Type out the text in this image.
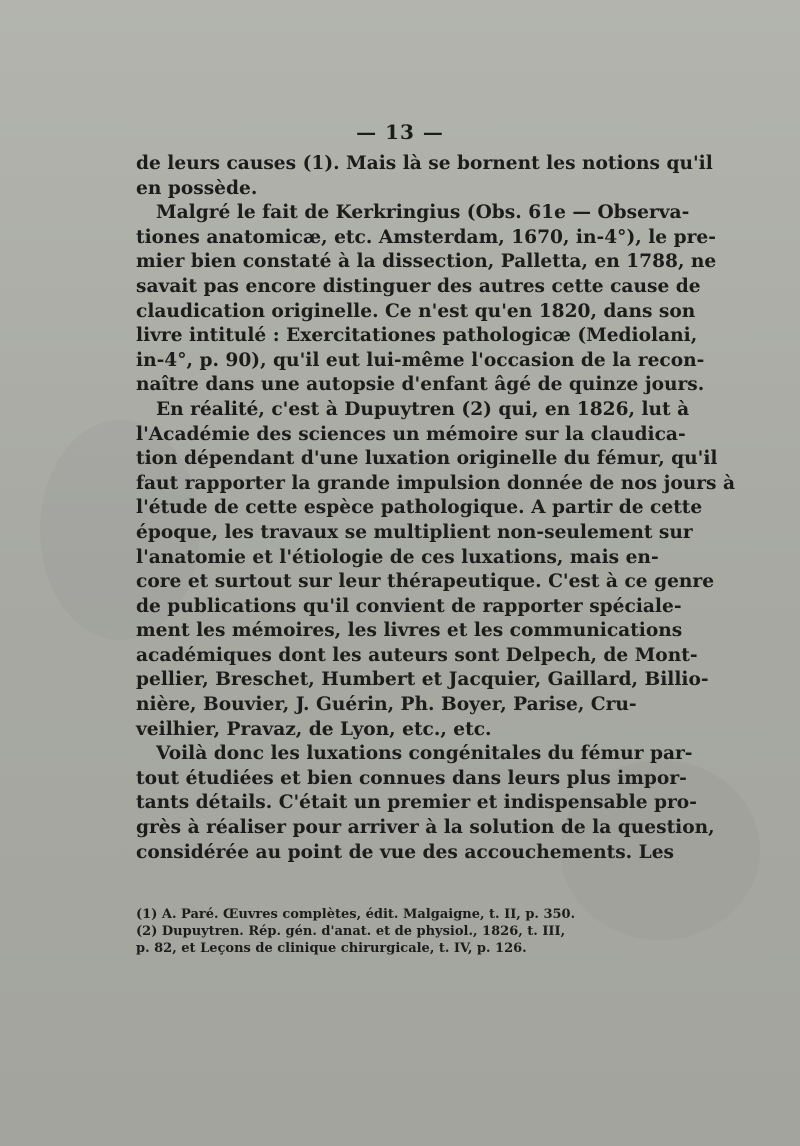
— 13 —
de leurs causes (1). Mais là se bornent les notions qu'il
en possède.
Malgré le fait de Kerkringius (Obs. 61e — Observa-
tiones anatomicæ, etc. Amsterdam, 1670, in-4°), le pre-
mier bien constaté à la dissection, Palletta, en 1788, ne
savait pas encore distinguer des autres cette cause de
claudication originelle. Ce n'est qu'en 1820, dans son
livre intitulé : Exercitationes pathologicæ (Mediolani,
in-4°, p. 90), qu'il eut lui-même l'occasion de la recon-
naître dans une autopsie d'enfant âgé de quinze jours.
En réalité, c'est à Dupuytren (2) qui, en 1826, lut à
l'Académie des sciences un mémoire sur la claudica-
tion dépendant d'une luxation originelle du fémur, qu'il
faut rapporter la grande impulsion donnée de nos jours à
l'étude de cette espèce pathologique. A partir de cette
époque, les travaux se multiplient non-seulement sur
l'anatomie et l'étiologie de ces luxations, mais en-
core et surtout sur leur thérapeutique. C'est à ce genre
de publications qu'il convient de rapporter spéciale-
ment les mémoires, les livres et les communications
académiques dont les auteurs sont Delpech, de Mont-
pellier, Breschet, Humbert et Jacquier, Gaillard, Billio-
nière, Bouvier, J. Guérin, Ph. Boyer, Parise, Cru-
veilhier, Pravaz, de Lyon, etc., etc.
Voilà donc les luxations congénitales du fémur par-
tout étudiées et bien connues dans leurs plus impor-
tants détails. C'était un premier et indispensable pro-
grès à réaliser pour arriver à la solution de la question,
considérée au point de vue des accouchements. Les
(1) A. Paré. Œuvres complètes, édit. Malgaigne, t. II, p. 350.
(2) Dupuytren. Rép. gén. d'anat. et de physiol., 1826, t. III,
p. 82, et Leçons de clinique chirurgicale, t. IV, p. 126.
